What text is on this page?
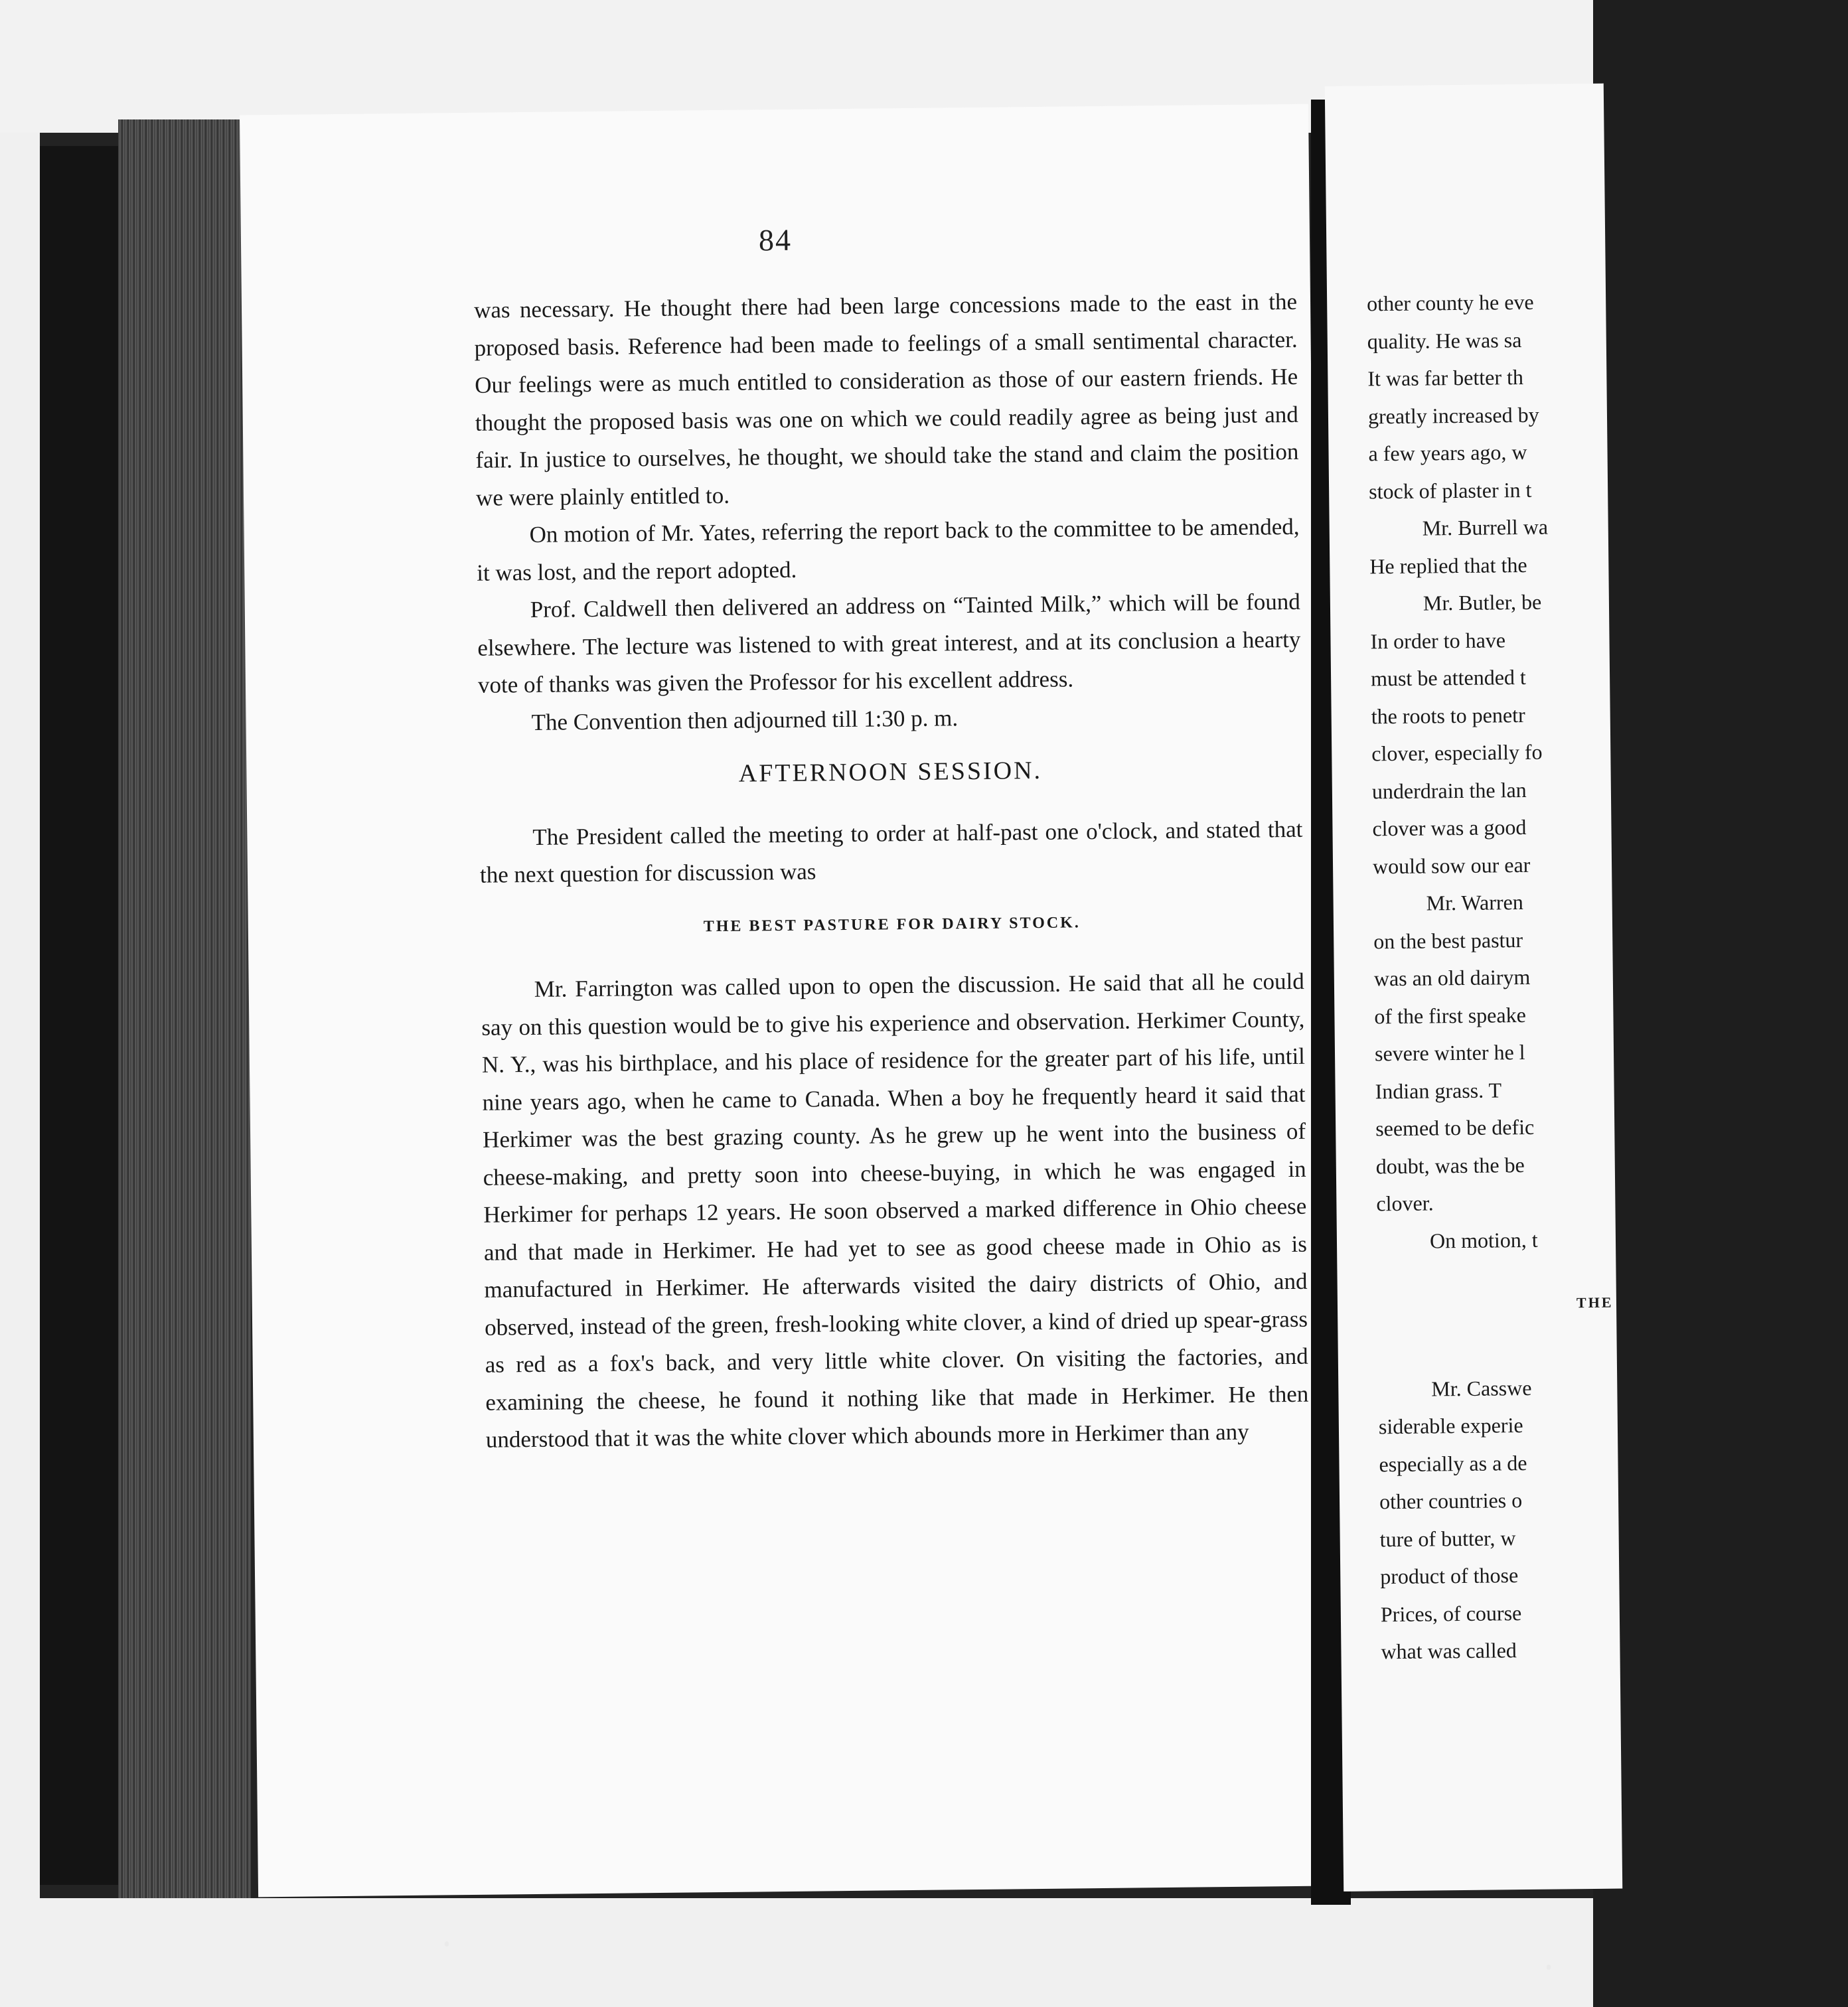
84

was necessary. He thought there had been large concessions made to the east in the proposed basis. Reference had been made to feelings of a small sentimental character. Our feelings were as much entitled to consideration as those of our eastern friends. He thought the proposed basis was one on which we could readily agree as being just and fair. In justice to ourselves, he thought, we should take the stand and claim the position we were plainly entitled to.

On motion of Mr. Yates, referring the report back to the committee to be amended, it was lost, and the report adopted.

Prof. Caldwell then delivered an address on “Tainted Milk,” which will be found elsewhere. The lecture was listened to with great interest, and at its conclusion a hearty vote of thanks was given the Professor for his excellent address.

The Convention then adjourned till 1:30 p. m.

AFTERNOON SESSION.

The President called the meeting to order at half-past one o'clock, and stated that the next question for discussion was

THE BEST PASTURE FOR DAIRY STOCK.

Mr. Farrington was called upon to open the discussion. He said that all he could say on this question would be to give his experience and observation. Herkimer County, N. Y., was his birthplace, and his place of residence for the greater part of his life, until nine years ago, when he came to Canada. When a boy he frequently heard it said that Herkimer was the best grazing county. As he grew up he went into the business of cheese-making, and pretty soon into cheese-buying, in which he was engaged in Herkimer for perhaps 12 years. He soon observed a marked difference in Ohio cheese and that made in Herkimer. He had yet to see as good cheese made in Ohio as is manufactured in Herkimer. He afterwards visited the dairy districts of Ohio, and observed, instead of the green, fresh-looking white clover, a kind of dried up spear-grass as red as a fox's back, and very little white clover. On visiting the factories, and examining the cheese, he found it nothing like that made in Herkimer. He then understood that it was the white clover which abounds more in Herkimer than any

other county he eve
quality. He was sa
It was far better th
greatly increased by
a few years ago, w
stock of plaster in t
Mr. Burrell wa
He replied that the
Mr. Butler, be
In order to have
must be attended t
the roots to penetr
clover, especially fo
underdrain the lan
clover was a good
would sow our ear
Mr. Warren
on the best pastur
was an old dairym
of the first speake
severe winter he l
Indian grass. T
seemed to be defic
doubt, was the be
clover.
On motion, t
THE
Mr. Casswe
siderable experie
especially as a de
other countries o
ture of butter, w
product of those
Prices, of course
what was called
